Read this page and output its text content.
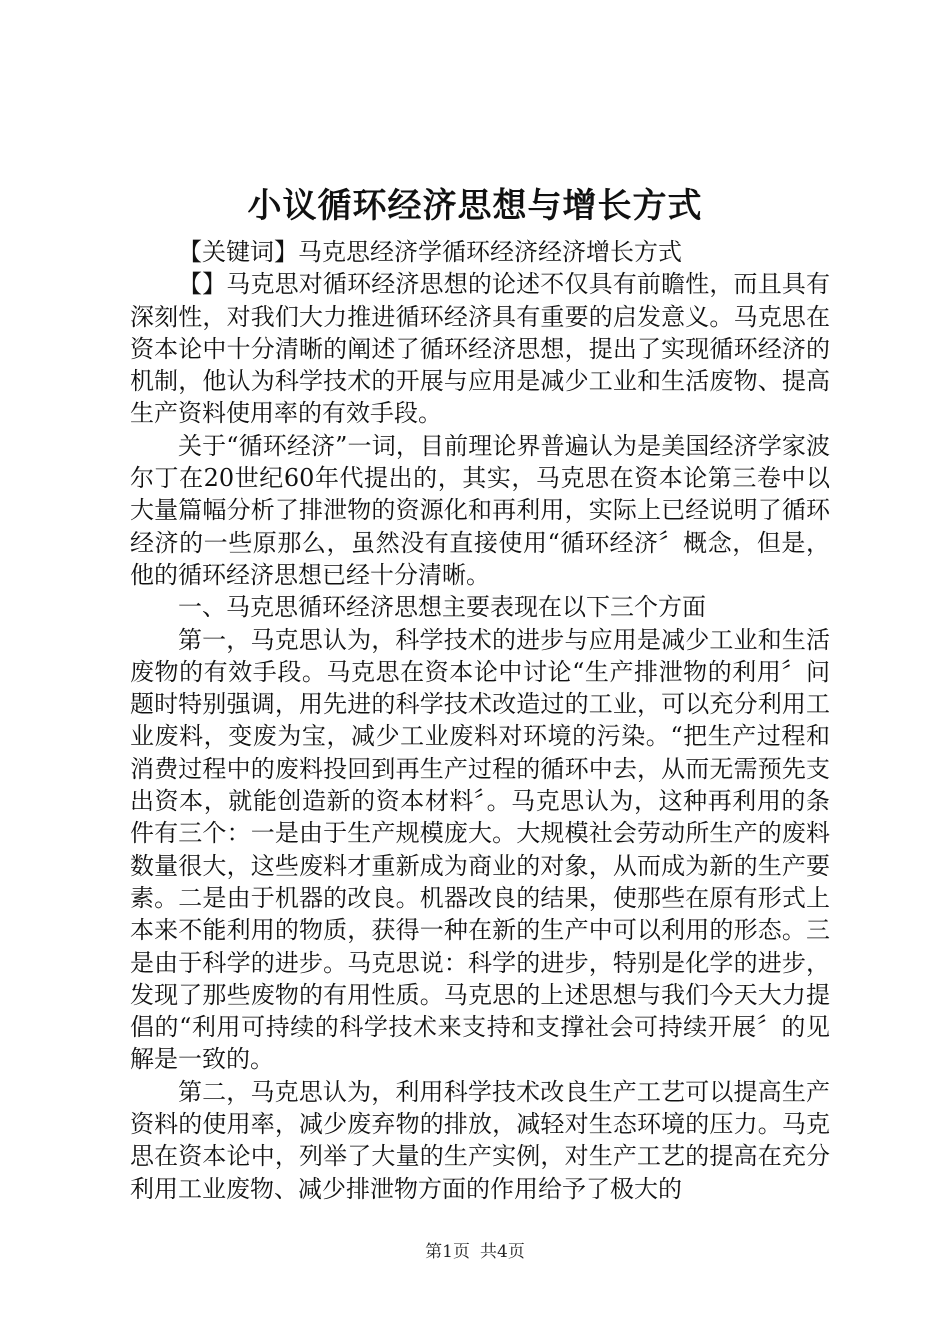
小议循环经济思想与增长方式

【关键词】马克思经济学循环经济经济增长方式

【】马克思对循环经济思想的论述不仅具有前瞻性，而且具有深刻性，对我们大力推进循环经济具有重要的启发意义。马克思在资本论中十分清晰的阐述了循环经济思想，提出了实现循环经济的机制，他认为科学技术的开展与应用是减少工业和生活废物、提高生产资料使用率的有效手段。

关于“循环经济”一词，目前理论界普遍认为是美国经济学家波尔丁在20世纪60年代提出的，其实，马克思在资本论第三卷中以大量篇幅分析了排泄物的资源化和再利用，实际上已经说明了循环经济的一些原那么，虽然没有直接使用“循环经济〞概念，但是，他的循环经济思想已经十分清晰。

一、马克思循环经济思想主要表现在以下三个方面

第一，马克思认为，科学技术的进步与应用是减少工业和生活废物的有效手段。马克思在资本论中讨论“生产排泄物的利用〞问题时特别强调，用先进的科学技术改造过的工业，可以充分利用工业废料，变废为宝，减少工业废料对环境的污染。“把生产过程和消费过程中的废料投回到再生产过程的循环中去，从而无需预先支出资本，就能创造新的资本材料〞。马克思认为，这种再利用的条件有三个：一是由于生产规模庞大。大规模社会劳动所生产的废料数量很大，这些废料才重新成为商业的对象，从而成为新的生产要素。二是由于机器的改良。机器改良的结果，使那些在原有形式上本来不能利用的物质，获得一种在新的生产中可以利用的形态。三是由于科学的进步。马克思说：科学的进步，特别是化学的进步，发现了那些废物的有用性质。马克思的上述思想与我们今天大力提倡的“利用可持续的科学技术来支持和支撑社会可持续开展〞的见解是一致的。

第二，马克思认为，利用科学技术改良生产工艺可以提高生产资料的使用率，减少废弃物的排放，减轻对生态环境的压力。马克思在资本论中，列举了大量的生产实例，对生产工艺的提高在充分利用工业废物、减少排泄物方面的作用给予了极大的

第1页 共4页
